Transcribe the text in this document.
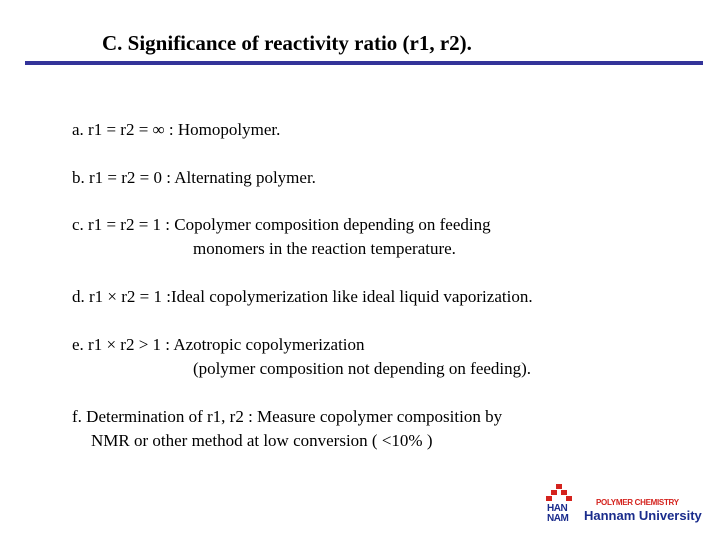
C. Significance of reactivity ratio (r1, r2).
a. r1 = r2 = ∞ : Homopolymer.
b. r1 = r2 = 0 : Alternating polymer.
c. r1 = r2 = 1 : Copolymer composition depending on feeding
monomers in the reaction temperature.
d. r1 × r2 = 1 :Ideal copolymerization like ideal liquid vaporization.
e. r1 × r2 > 1 : Azotropic copolymerization
(polymer composition not depending on feeding).
f. Determination of r1, r2 : Measure copolymer composition by
NMR or other method at low conversion ( <10% )
HAN
NAM
POLYMER CHEMISTRY
Hannam University
